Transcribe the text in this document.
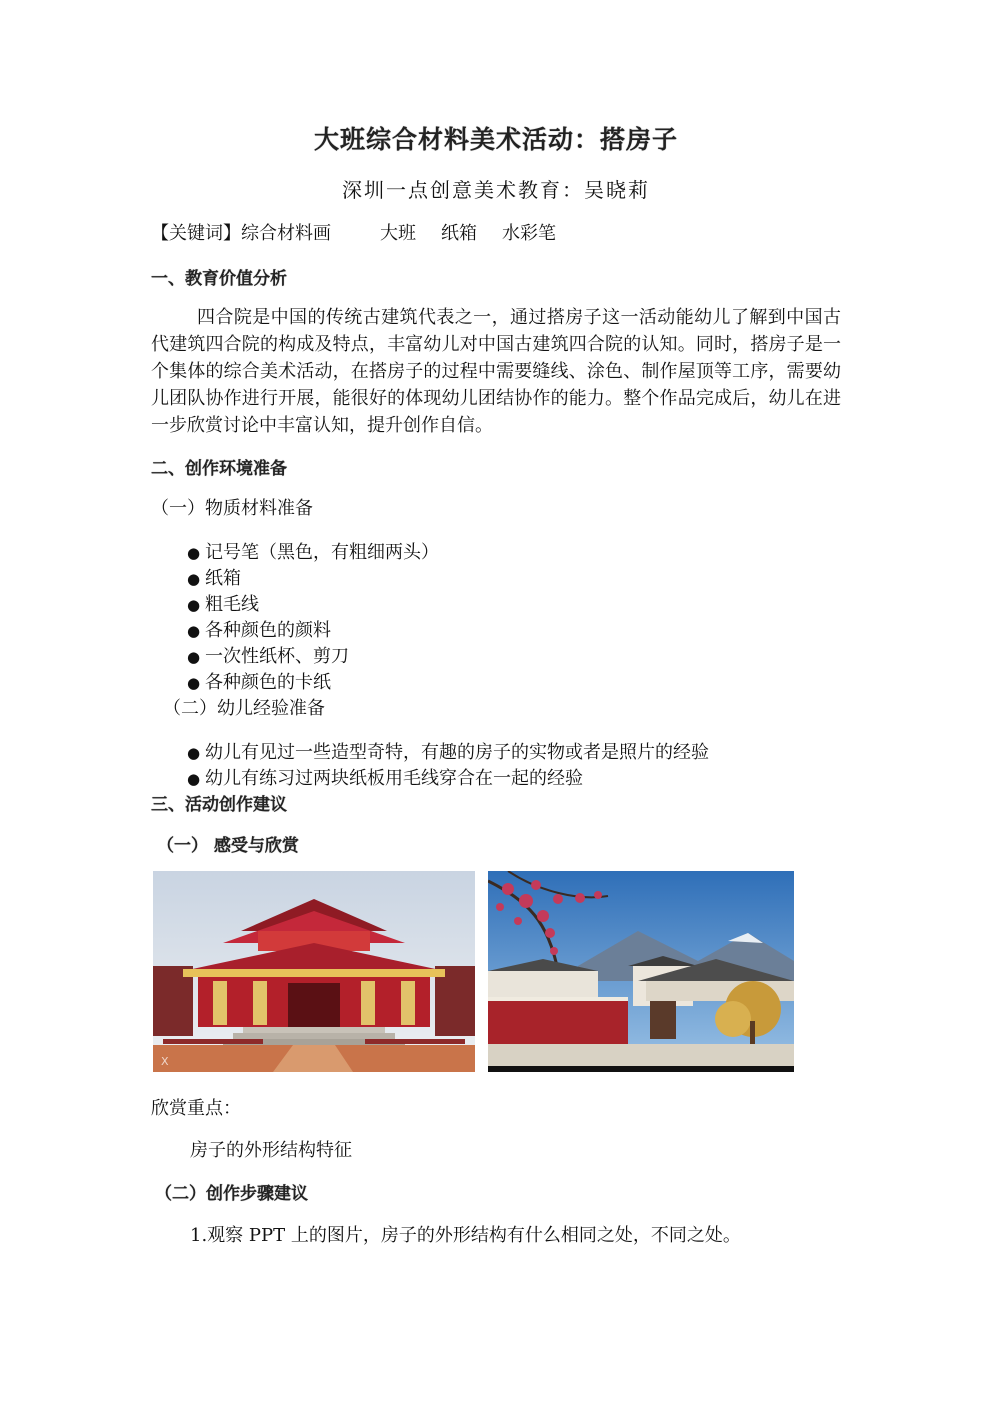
大班综合材料美术活动：搭房子
深圳一点创意美术教育：吴晓莉
【关键词】综合材料画	大班 纸箱 水彩笔
一、教育价值分析

四合院是中国的传统古建筑代表之一，通过搭房子这一活动能幼儿了解到中国古代建筑四合院的构成及特点，丰富幼儿对中国古建筑四合院的认知。同时，搭房子是一个集体的综合美术活动，在搭房子的过程中需要缝线、涂色、制作屋顶等工序，需要幼儿团队协作进行开展，能很好的体现幼儿团结协作的能力。整个作品完成后，幼儿在进一步欣赏讨论中丰富认知，提升创作自信。

二、创作环境准备
（一）物质材料准备
● 记号笔（黑色，有粗细两头）
● 纸箱
● 粗毛线
● 各种颜色的颜料
● 一次性纸杯、剪刀
● 各种颜色的卡纸
（二）幼儿经验准备
● 幼儿有见过一些造型奇特，有趣的房子的实物或者是照片的经验
● 幼儿有练习过两块纸板用毛线穿合在一起的经验
三、活动创作建议
（一） 感受与欣赏
X
欣赏重点：
房子的外形结构特征
（二）创作步骤建议
1.观察 PPT 上的图片，房子的外形结构有什么相同之处，不同之处。
